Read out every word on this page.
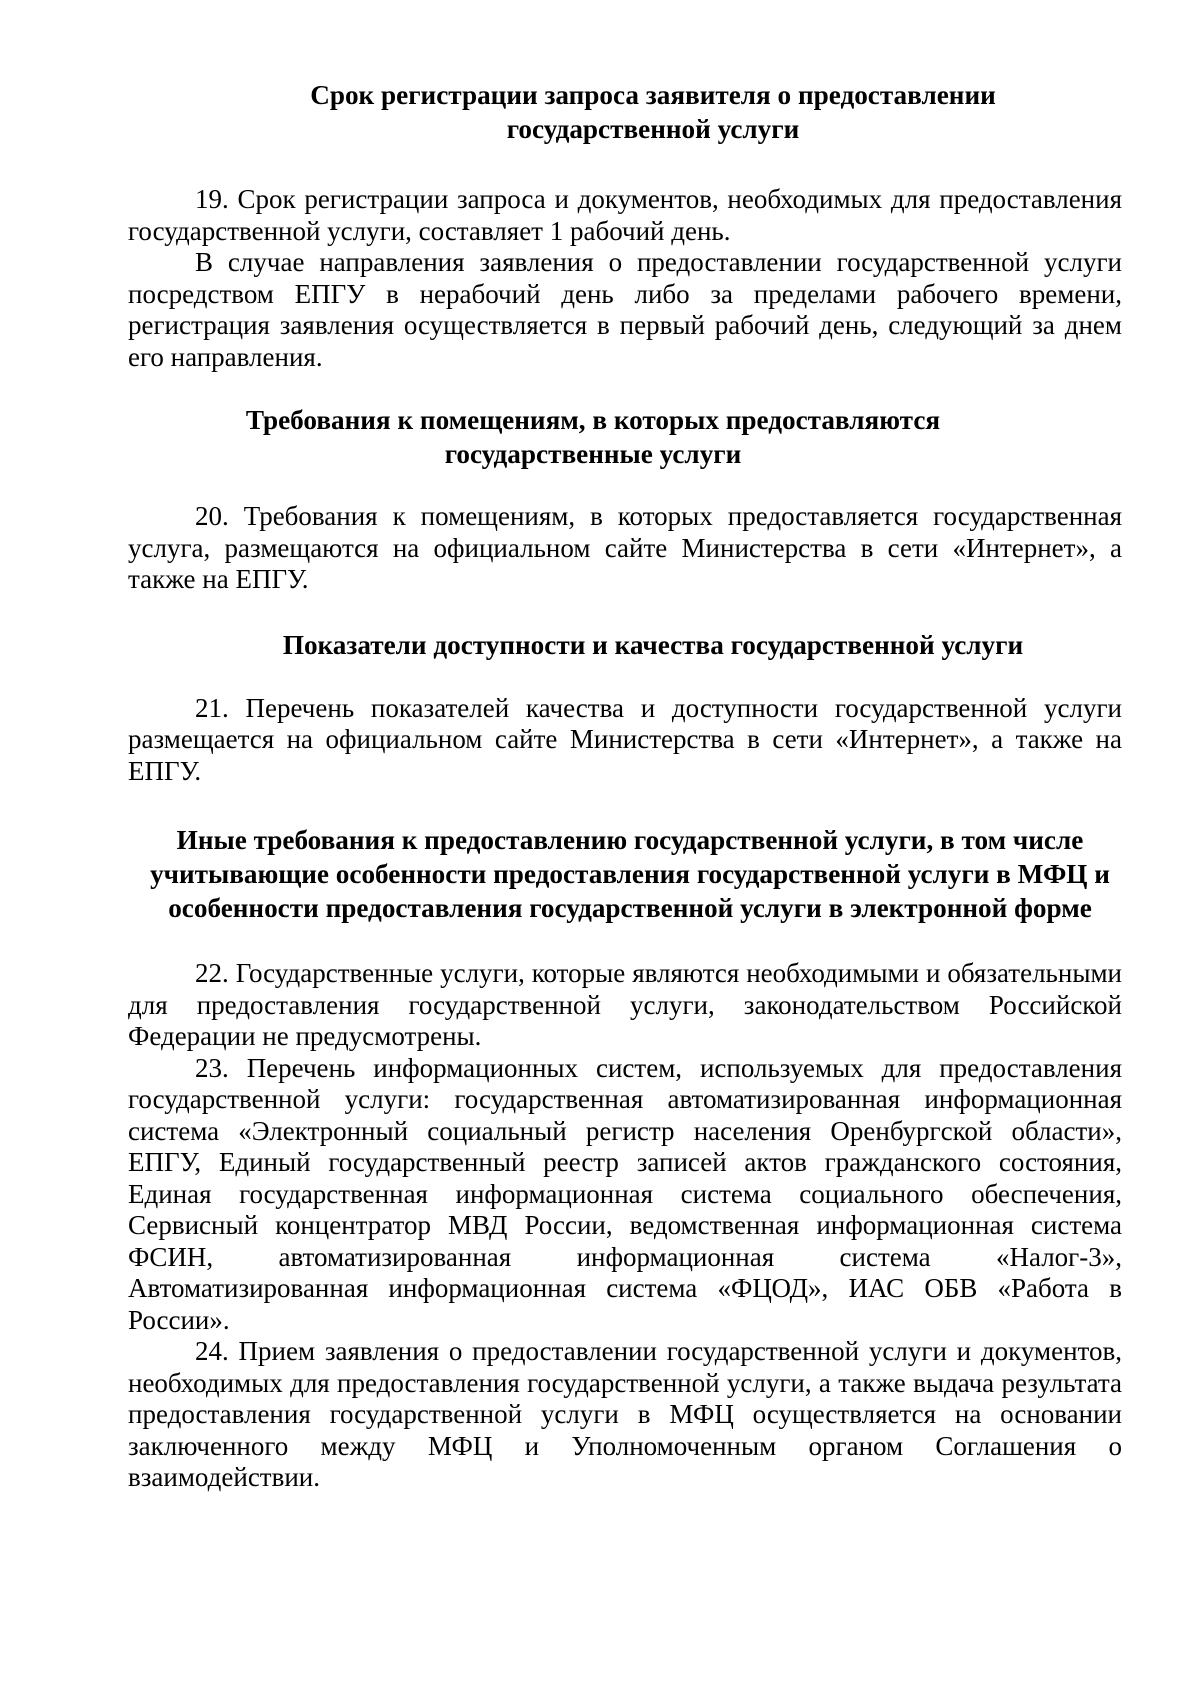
Срок регистрации запроса заявителя о предоставлении государственной услуги

19. Срок регистрации запроса и документов, необходимых для предоставления государственной услуги, составляет 1 рабочий день.

В случае направления заявления о предоставлении государственной услуги посредством ЕПГУ в нерабочий день либо за пределами рабочего времени, регистрация заявления осуществляется в первый рабочий день, следующий за днем его направления.

Требования к помещениям, в которых предоставляются государственные услуги

20. Требования к помещениям, в которых предоставляется государственная услуга, размещаются на официальном сайте Министерства в сети «Интернет», а также на ЕПГУ.

Показатели доступности и качества государственной услуги

21. Перечень показателей качества и доступности государственной услуги размещается на официальном сайте Министерства в сети «Интернет», а также на ЕПГУ.

Иные требования к предоставлению государственной услуги, в том числе учитывающие особенности предоставления государственной услуги в МФЦ и особенности предоставления государственной услуги в электронной форме

22. Государственные услуги, которые являются необходимыми и обязательными для предоставления государственной услуги, законодательством Российской Федерации не предусмотрены.

23. Перечень информационных систем, используемых для предоставления государственной услуги: государственная автоматизированная информационная система «Электронный социальный регистр населения Оренбургской области», ЕПГУ, Единый государственный реестр записей актов гражданского состояния, Единая государственная информационная система социального обеспечения, Сервисный концентратор МВД России, ведомственная информационная система ФСИН, автоматизированная информационная система «Налог-3», Автоматизированная информационная система «ФЦОД», ИАС ОБВ «Работа в России».

24. Прием заявления о предоставлении государственной услуги и документов, необходимых для предоставления государственной услуги, а также выдача результата предоставления государственной услуги в МФЦ осуществляется на основании заключенного между МФЦ и Уполномоченным органом Соглашения о взаимодействии.
